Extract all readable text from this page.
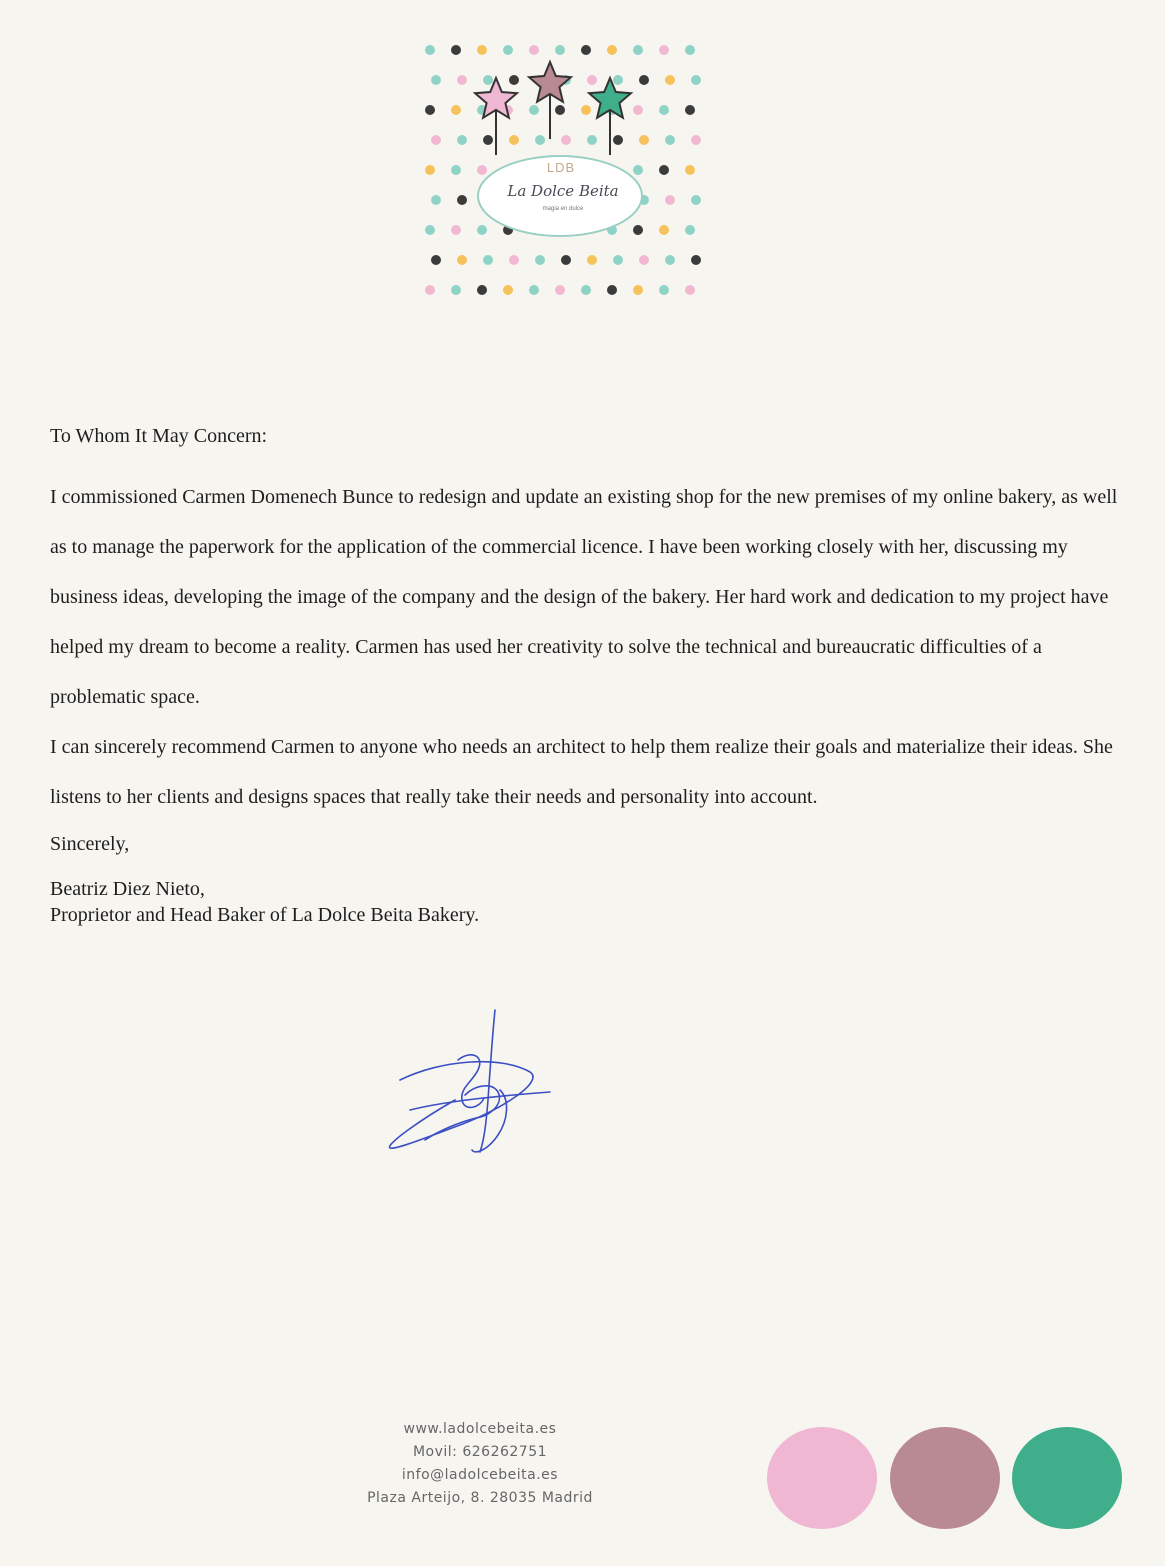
LDB
La Dolce Beita
magia en dulce

To Whom It May Concern:

I commissioned Carmen Domenech Bunce to redesign and update an existing shop for the new premises of my online bakery, as well as to manage the paperwork for the application of the commercial licence. I have been working closely with her, discussing my business ideas, developing the image of the company and the design of the bakery. Her hard work and dedication to my project have helped my dream to become a reality. Carmen has used her creativity to solve the technical and bureaucratic difficulties of a problematic space.

I can sincerely recommend Carmen to anyone who needs an architect to help them realize their goals and materialize their ideas. She listens to her clients and designs spaces that really take their needs and personality into account.

Sincerely,

Beatriz Diez Nieto,
Proprietor and Head Baker of La Dolce Beita Bakery.
www.ladolcebeita.es
Movil: 626262751
info@ladolcebeita.es
Plaza Arteijo, 8. 28035 Madrid
